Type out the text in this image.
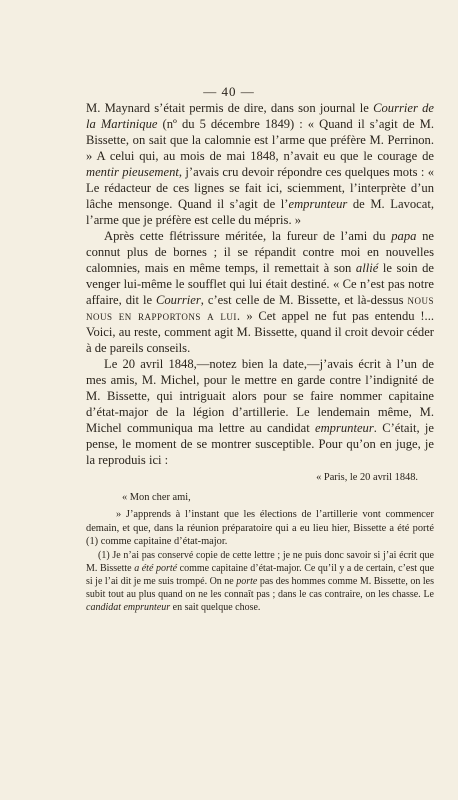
— 40 —

M. Maynard s’était permis de dire, dans son journal le Courrier de la Martinique (nº du 5 décembre 1849) : « Quand il s’agit de M. Bissette, on sait que la calomnie est l’arme que préfère M. Perrinon. » A celui qui, au mois de mai 1848, n’avait eu que le courage de mentir pieusement, j’avais cru devoir répondre ces quelques mots : « Le rédacteur de ces lignes se fait ici, sciemment, l’interprète d’un lâche mensonge. Quand il s’agit de l’emprunteur de M. Lavocat, l’arme que je préfère est celle du mépris. »

Après cette flétrissure méritée, la fureur de l’ami du papa ne connut plus de bornes ; il se répandit contre moi en nouvelles calomnies, mais en même temps, il remettait à son allié le soin de venger lui-même le soufflet qui lui était destiné. « Ce n’est pas notre affaire, dit le Courrier, c’est celle de M. Bissette, et là-dessus nous nous en rapportons a lui. » Cet appel ne fut pas entendu !... Voici, au reste, comment agit M. Bissette, quand il croit devoir céder à de pareils conseils.

Le 20 avril 1848,—notez bien la date,—j’avais écrit à l’un de mes amis, M. Michel, pour le mettre en garde contre l’indignité de M. Bissette, qui intriguait alors pour se faire nommer capitaine d’état-major de la légion d’artillerie. Le lendemain même, M. Michel communiqua ma lettre au candidat emprunteur. C’était, je pense, le moment de se montrer susceptible. Pour qu’on en juge, je la reproduis ici :

« Paris, le 20 avril 1848.
« Mon cher ami,
» J’apprends à l’instant que les élections de l’artillerie vont commencer demain, et que, dans la réunion préparatoire qui a eu lieu hier, Bissette a été porté (1) comme capitaine d’état-major.

(1) Je n’ai pas conservé copie de cette lettre ; je ne puis donc savoir si j’ai écrit que M. Bissette a été porté comme capitaine d’état-major. Ce qu’il y a de certain, c’est que si je l’ai dit je me suis trompé. On ne porte pas des hommes comme M. Bissette, on les subit tout au plus quand on ne les connaît pas ; dans le cas contraire, on les chasse. Le candidat emprunteur en sait quelque chose.
